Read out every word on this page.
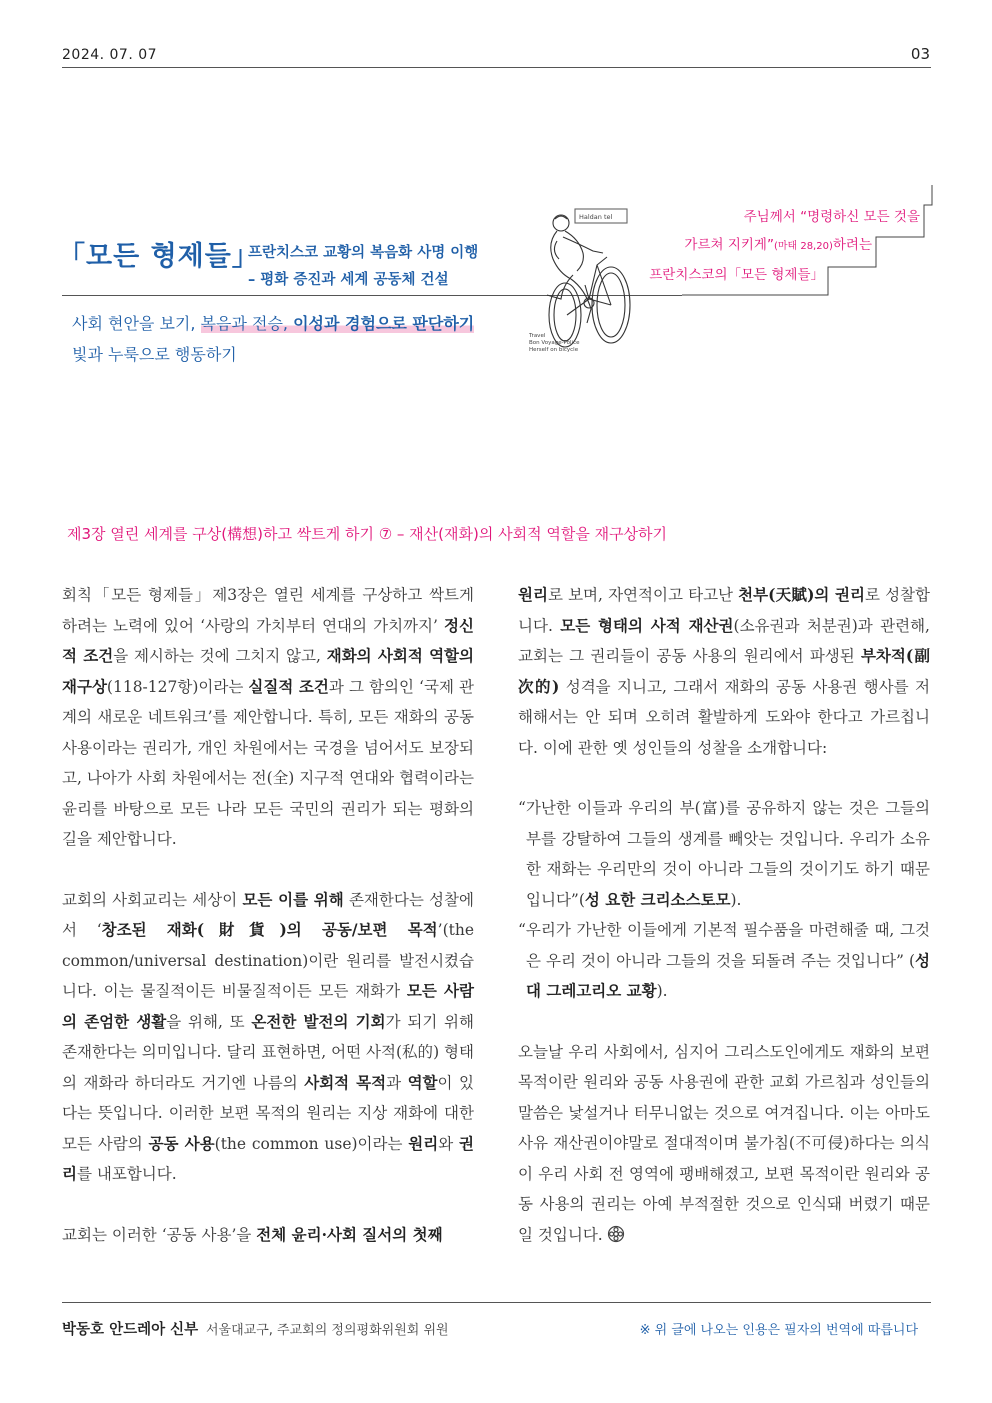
2024. 07. 07	03
「모든 형제들」
프란치스코 교황의 복음화 사명 이행
– 평화 증진과 세계 공동체 건설
사회 현안을 보기, 복음과 전승, 이성과 경험으로 판단하기
빛과 누룩으로 행동하기
주님께서 “명령하신 모든 것을
가르쳐 지키게”(마태 28,20)하려는
프란치스코의「모든 형제들」
Haldan tel
Travel
Bon Voyage-Police
Herself on bicycle
제3장 열린 세계를 구상(構想)하고 싹트게 하기 ⑦ – 재산(재화)의 사회적 역할을 재구상하기

회칙「모든 형제들」제3장은 열린 세계를 구상하고 싹트게 하려는 노력에 있어 ‘사랑의 가치부터 연대의 가치까지’ 정신적 조건을 제시하는 것에 그치지 않고, 재화의 사회적 역할의 재구상(118-127항)이라는 실질적 조건과 그 함의인 ‘국제 관계의 새로운 네트워크’를 제안합니다. 특히, 모든 재화의 공동 사용이라는 권리가, 개인 차원에서는 국경을 넘어서도 보장되고, 나아가 사회 차원에서는 전(全) 지구적 연대와 협력이라는 윤리를 바탕으로 모든 나라 모든 국민의 권리가 되는 평화의 길을 제안합니다.

교회의 사회교리는 세상이 모든 이를 위해 존재한다는 성찰에서 ‘창조된 재화(財貨)의 공동/보편 목적’(the common/universal destination)이란 원리를 발전시켰습니다. 이는 물질적이든 비물질적이든 모든 재화가 모든 사람의 존엄한 생활을 위해, 또 온전한 발전의 기회가 되기 위해 존재한다는 의미입니다. 달리 표현하면, 어떤 사적(私的) 형태의 재화라 하더라도 거기엔 나름의 사회적 목적과 역할이 있다는 뜻입니다. 이러한 보편 목적의 원리는 지상 재화에 대한 모든 사람의 공동 사용(the common use)이라는 원리와 권리를 내포합니다.

교회는 이러한 ‘공동 사용’을 전체 윤리·사회 질서의 첫째

원리로 보며, 자연적이고 타고난 천부(天賦)의 권리로 성찰합니다. 모든 형태의 사적 재산권(소유권과 처분권)과 관련해, 교회는 그 권리들이 공동 사용의 원리에서 파생된 부차적(副次的) 성격을 지니고, 그래서 재화의 공동 사용권 행사를 저해해서는 안 되며 오히려 활발하게 도와야 한다고 가르칩니다. 이에 관한 옛 성인들의 성찰을 소개합니다:

“가난한 이들과 우리의 부(富)를 공유하지 않는 것은 그들의 부를 강탈하여 그들의 생계를 빼앗는 것입니다. 우리가 소유한 재화는 우리만의 것이 아니라 그들의 것이기도 하기 때문입니다”(성 요한 크리소스토모).

“우리가 가난한 이들에게 기본적 필수품을 마련해줄 때, 그것은 우리 것이 아니라 그들의 것을 되돌려 주는 것입니다” (성 대 그레고리오 교황).

오늘날 우리 사회에서, 심지어 그리스도인에게도 재화의 보편 목적이란 원리와 공동 사용권에 관한 교회 가르침과 성인들의 말씀은 낯설거나 터무니없는 것으로 여겨집니다. 이는 아마도 사유 재산권이야말로 절대적이며 불가침(不可侵)하다는 의식이 우리 사회 전 영역에 팽배해졌고, 보편 목적이란 원리와 공동 사용의 권리는 아예 부적절한 것으로 인식돼 버렸기 때문일 것입니다.

박동호 안드레아 신부 서울대교구, 주교회의 정의평화위원회 위원	※ 위 글에 나오는 인용은 필자의 번역에 따릅니다
